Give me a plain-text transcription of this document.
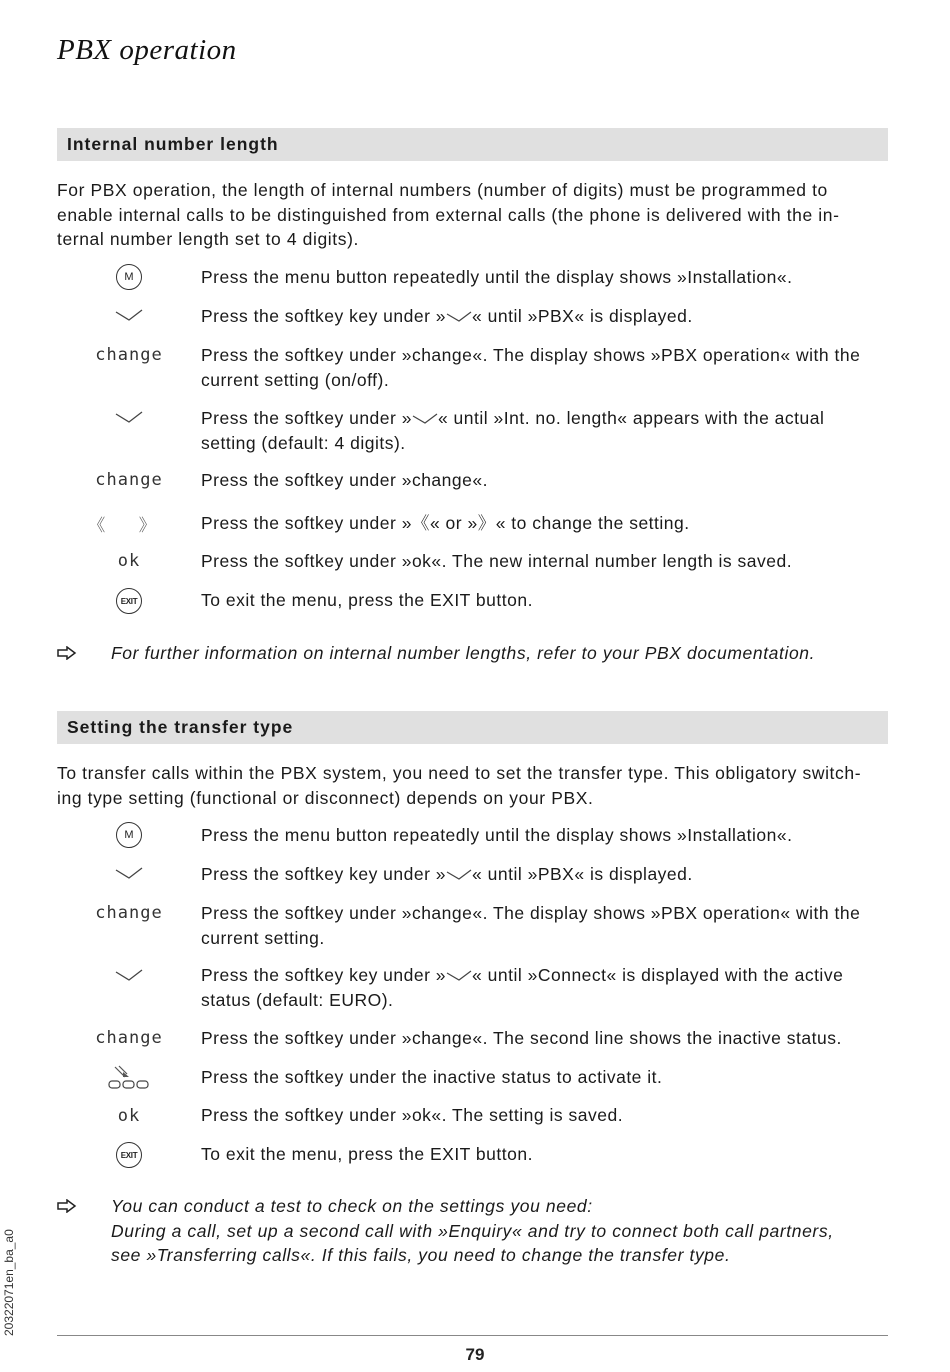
PBX operation
Internal number length
For PBX operation, the length of internal numbers (number of digits) must be programmed to
enable internal calls to be distinguished from external calls (the phone is delivered with the in-
ternal number length set to 4 digits).
M	Press the menu button repeatedly until the display shows »Installation«.
Press the softkey key under » « until »PBX« is displayed.
change Press the softkey under »change«. The display shows »PBX operation« with the
current setting (on/off).
Press the softkey under » « until »Int. no. length« appears with the actual
setting (default: 4 digits).
change Press the softkey under »change«.
《 》 Press the softkey under »《« or »》« to change the setting.
ok	Press the softkey under »ok«. The new internal number length is saved.
EXIT	To exit the menu, press the EXIT button.
For further information on internal number lengths, refer to your PBX documentation.
Setting the transfer type
To transfer calls within the PBX system, you need to set the transfer type. This obligatory switch-
ing type setting (functional or disconnect) depends on your PBX.
M	Press the menu button repeatedly until the display shows »Installation«.
Press the softkey key under » « until »PBX« is displayed.
change Press the softkey under »change«. The display shows »PBX operation« with the
current setting.
Press the softkey key under » « until »Connect« is displayed with the active
status (default: EURO).
change Press the softkey under »change«. The second line shows the inactive status.
Press the softkey under the inactive status to activate it.
ok	Press the softkey under »ok«. The setting is saved.
EXIT	To exit the menu, press the EXIT button.
You can conduct a test to check on the settings you need:
During a call, set up a second call with »Enquiry« and try to connect both call partners,
see »Transferring calls«. If this fails, you need to change the transfer type.
20322071en_ba_a0
79
